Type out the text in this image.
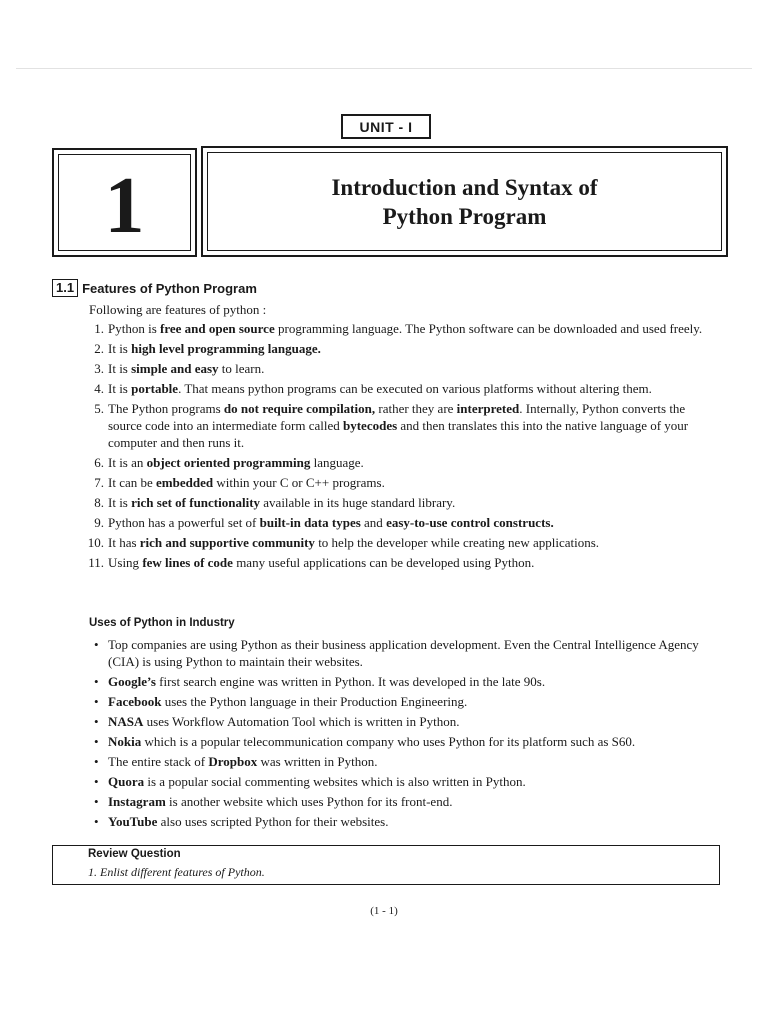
UNIT - I
1	Introduction and Syntax of
Python Program
1.1 Features of Python Program
Following are features of python :
1. Python is free and open source programming language. The Python software can be downloaded and used freely.
2. It is high level programming language.
3. It is simple and easy to learn.
4. It is portable. That means python programs can be executed on various platforms without altering them.
5. The Python programs do not require compilation, rather they are interpreted. Internally, Python converts the source code into an intermediate form called bytecodes and then translates this into the native language of your computer and then runs it.
6. It is an object oriented programming language.
7. It can be embedded within your C or C++ programs.
8. It is rich set of functionality available in its huge standard library.
9. Python has a powerful set of built-in data types and easy-to-use control constructs.
10. It has rich and supportive community to help the developer while creating new applications.
11. Using few lines of code many useful applications can be developed using Python.
Uses of Python in Industry
• Top companies are using Python as their business application development. Even the Central Intelligence Agency (CIA) is using Python to maintain their websites.
• Google’s first search engine was written in Python. It was developed in the late 90s.
• Facebook uses the Python language in their Production Engineering.
• NASA uses Workflow Automation Tool which is written in Python.
• Nokia which is a popular telecommunication company who uses Python for its platform such as S60.
• The entire stack of Dropbox was written in Python.
• Quora is a popular social commenting websites which is also written in Python.
• Instagram is another website which uses Python for its front-end.
• YouTube also uses scripted Python for their websites.
Review Question
1. Enlist different features of Python.
(1 - 1)
